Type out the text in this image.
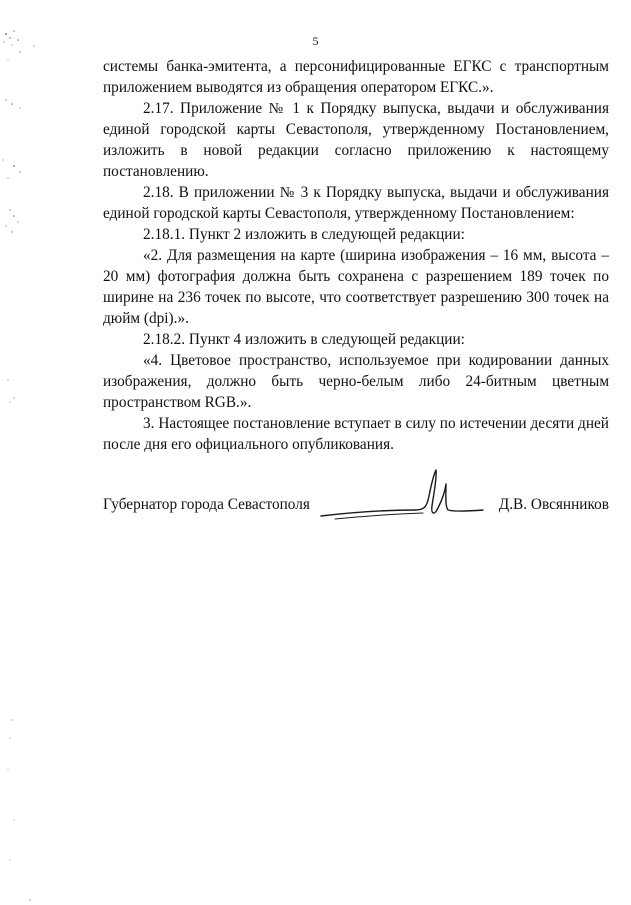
5

системы банка-эмитента, а персонифицированные ЕГКС с транспортным приложением выводятся из обращения оператором ЕГКС.».

2.17. Приложение № 1 к Порядку выпуска, выдачи и обслуживания единой городской карты Севастополя, утвержденному Постановлением, изложить в новой редакции согласно приложению к настоящему постановлению.

2.18. В приложении № 3 к Порядку выпуска, выдачи и обслуживания единой городской карты Севастополя, утвержденному Постановлением:

2.18.1. Пункт 2 изложить в следующей редакции:

«2. Для размещения на карте (ширина изображения – 16 мм, высота – 20 мм) фотография должна быть сохранена с разрешением 189 точек по ширине на 236 точек по высоте, что соответствует разрешению 300 точек на дюйм (dpi).».

2.18.2. Пункт 4 изложить в следующей редакции:

«4. Цветовое пространство, используемое при кодировании данных изображения, должно быть черно-белым либо 24-битным цветным пространством RGB.».

3. Настоящее постановление вступает в силу по истечении десяти дней после дня его официального опубликования.

Губернатор города Севастополя	Д.В. Овсянников
